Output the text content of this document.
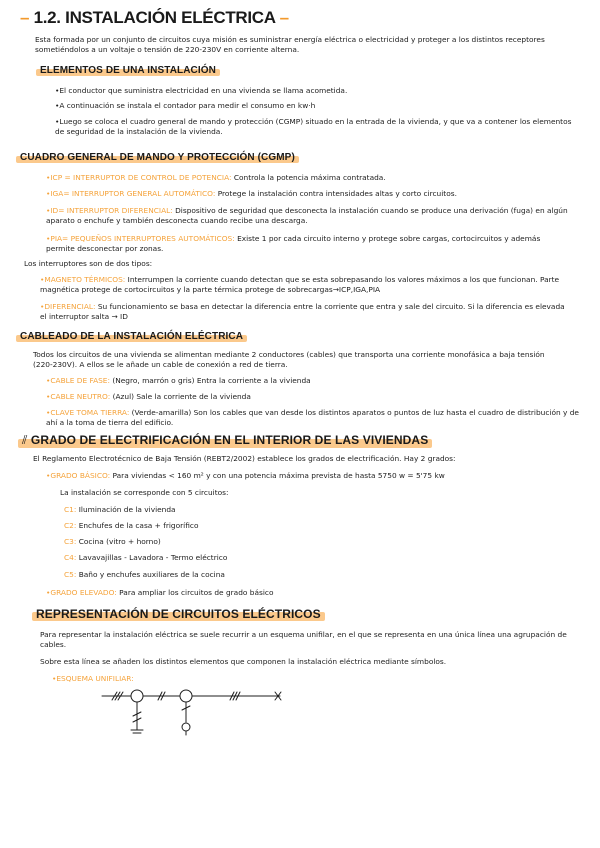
– 1.2. INSTALACIÓN ELÉCTRICA –
Esta formada por un conjunto de circuitos cuya misión es suministrar energía eléctrica o electricidad y proteger a los distintos receptores sometiéndolos a un voltaje o tensión de 220-230V en corriente alterna.
ELEMENTOS DE UNA INSTALACIÓN
•El conductor que suministra electricidad en una vivienda se llama acometida.
•A continuación se instala el contador para medir el consumo en kw·h
•Luego se coloca el cuadro general de mando y protección (CGMP) situado en la entrada de la vivienda, y que va a contener los elementos de seguridad de la instalación de la vivienda.
CUADRO GENERAL DE MANDO Y PROTECCIÓN (CGMP)
•ICP = INTERRUPTOR DE CONTROL DE POTENCIA: Controla la potencia máxima contratada.
•IGA= INTERRUPTOR GENERAL AUTOMÁTICO: Protege la instalación contra intensidades altas y corto circuitos.
•ID= INTERRUPTOR DIFERENCIAL: Dispositivo de seguridad que desconecta la instalación cuando se produce una derivación (fuga) en algún aparato o enchufe y también desconecta cuando recibe una descarga.
•PIA= PEQUEÑOS INTERRUPTORES AUTOMÁTICOS: Existe 1 por cada circuito interno y protege sobre cargas, cortocircuitos y además permite desconectar por zonas.
Los interruptores son de dos tipos:
•MAGNETO TÉRMICOS: Interrumpen la corriente cuando detectan que se esta sobrepasando los valores máximos a los que funcionan. Parte magnética protege de cortocircuitos y la parte térmica protege de sobrecargas→ICP,IGA,PIA
•DIFERENCIAL: Su funcionamiento se basa en detectar la diferencia entre la corriente que entra y sale del circuito. Si la diferencia es elevada el interruptor salta → ID
CABLEADO DE LA INSTALACIÓN ELÉCTRICA
Todos los circuitos de una vivienda se alimentan mediante 2 conductores (cables) que transporta una corriente monofásica a baja tensión (220-230V). A ellos se le añade un cable de conexión a red de tierra.
•CABLE DE FASE: (Negro, marrón o gris) Entra la corriente a la vivienda
•CABLE NEUTRO: (Azul) Sale la corriente de la vivienda
•CLAVE TOMA TIERRA: (Verde-amarilla) Son los cables que van desde los distintos aparatos o puntos de luz hasta el cuadro de distribución y de ahí a la toma de tierra del edificio.
⫽ GRADO DE ELECTRIFICACIÓN EN EL INTERIOR DE LAS VIVIENDAS
El Reglamento Electrotécnico de Baja Tensión (REBT2/2002) establece los grados de electrificación. Hay 2 grados:
•GRADO BÁSICO: Para viviendas < 160 m² y con una potencia máxima prevista de hasta 5750 w = 5'75 kw
La instalación se corresponde con 5 circuitos:
C1: Iluminación de la vivienda
C2: Enchufes de la casa + frigorífico
C3: Cocina (vitro + horno)
C4: Lavavajillas - Lavadora - Termo eléctrico
C5: Baño y enchufes auxiliares de la cocina
•GRADO ELEVADO: Para ampliar los circuitos de grado básico
REPRESENTACIÓN DE CIRCUITOS ELÉCTRICOS
Para representar la instalación eléctrica se suele recurrir a un esquema unifilar, en el que se representa en una única línea una agrupación de cables.
Sobre esta línea se añaden los distintos elementos que componen la instalación eléctrica mediante símbolos.
•ESQUEMA UNIFILIAR:
